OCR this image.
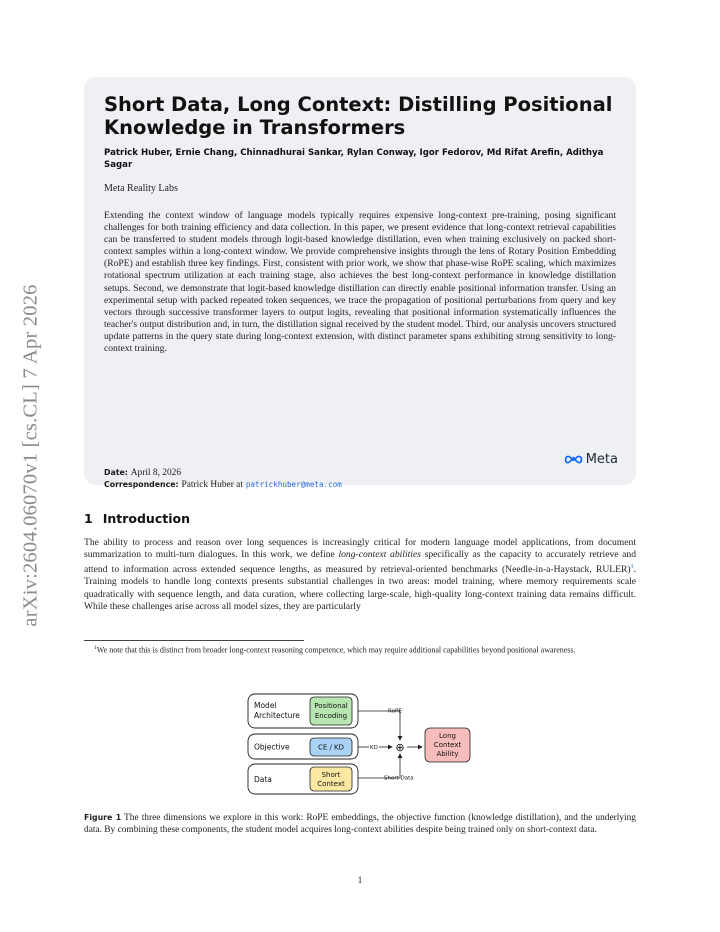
arXiv:2604.06070v1 [cs.CL] 7 Apr 2026
Short Data, Long Context: Distilling Positional Knowledge in Transformers
Patrick Huber, Ernie Chang, Chinnadhurai Sankar, Rylan Conway, Igor Fedorov, Md Rifat Arefin, Adithya Sagar
Meta Reality Labs
Extending the context window of language models typically requires expensive long-context pre-training, posing significant challenges for both training efficiency and data collection. In this paper, we present evidence that long-context retrieval capabilities can be transferred to student models through logit-based knowledge distillation, even when training exclusively on packed short-context samples within a long-context window. We provide comprehensive insights through the lens of Rotary Position Embedding (RoPE) and establish three key findings. First, consistent with prior work, we show that phase-wise RoPE scaling, which maximizes rotational spectrum utilization at each training stage, also achieves the best long-context performance in knowledge distillation setups. Second, we demonstrate that logit-based knowledge distillation can directly enable positional information transfer. Using an experimental setup with packed repeated token sequences, we trace the propagation of positional perturbations from query and key vectors through successive transformer layers to output logits, revealing that positional information systematically influences the teacher's output distribution and, in turn, the distillation signal received by the student model. Third, our analysis uncovers structured update patterns in the query state during long-context extension, with distinct parameter spans exhibiting strong sensitivity to long-context training.
Date: April 8, 2026
Correspondence: Patrick Huber at patrickhuber@meta.com
Meta
1 Introduction
The ability to process and reason over long sequences is increasingly critical for modern language model applications, from document summarization to multi-turn dialogues. In this work, we define long-context abilities specifically as the capacity to accurately retrieve and attend to information across extended sequence lengths, as measured by retrieval-oriented benchmarks (Needle-in-a-Haystack, RULER)$^1$. Training models to handle long contexts presents substantial challenges in two areas: model training, where memory requirements scale quadratically with sequence length, and data curation, where collecting large-scale, high-quality long-context training data remains difficult. While these challenges arise across all model sizes, they are particularly
$^1$We note that this is distinct from broader long-context reasoning competence, which may require additional capabilities beyond positional awareness.
Model
Architecture
Objective
Data
Positional
Encoding
CE / KD
Short
Context
RoPE
KD
Short Data
⊕
Long
Context
Ability
Figure 1 The three dimensions we explore in this work: RoPE embeddings, the objective function (knowledge distillation), and the underlying data. By combining these components, the student model acquires long-context abilities despite being trained only on short-context data.
1
